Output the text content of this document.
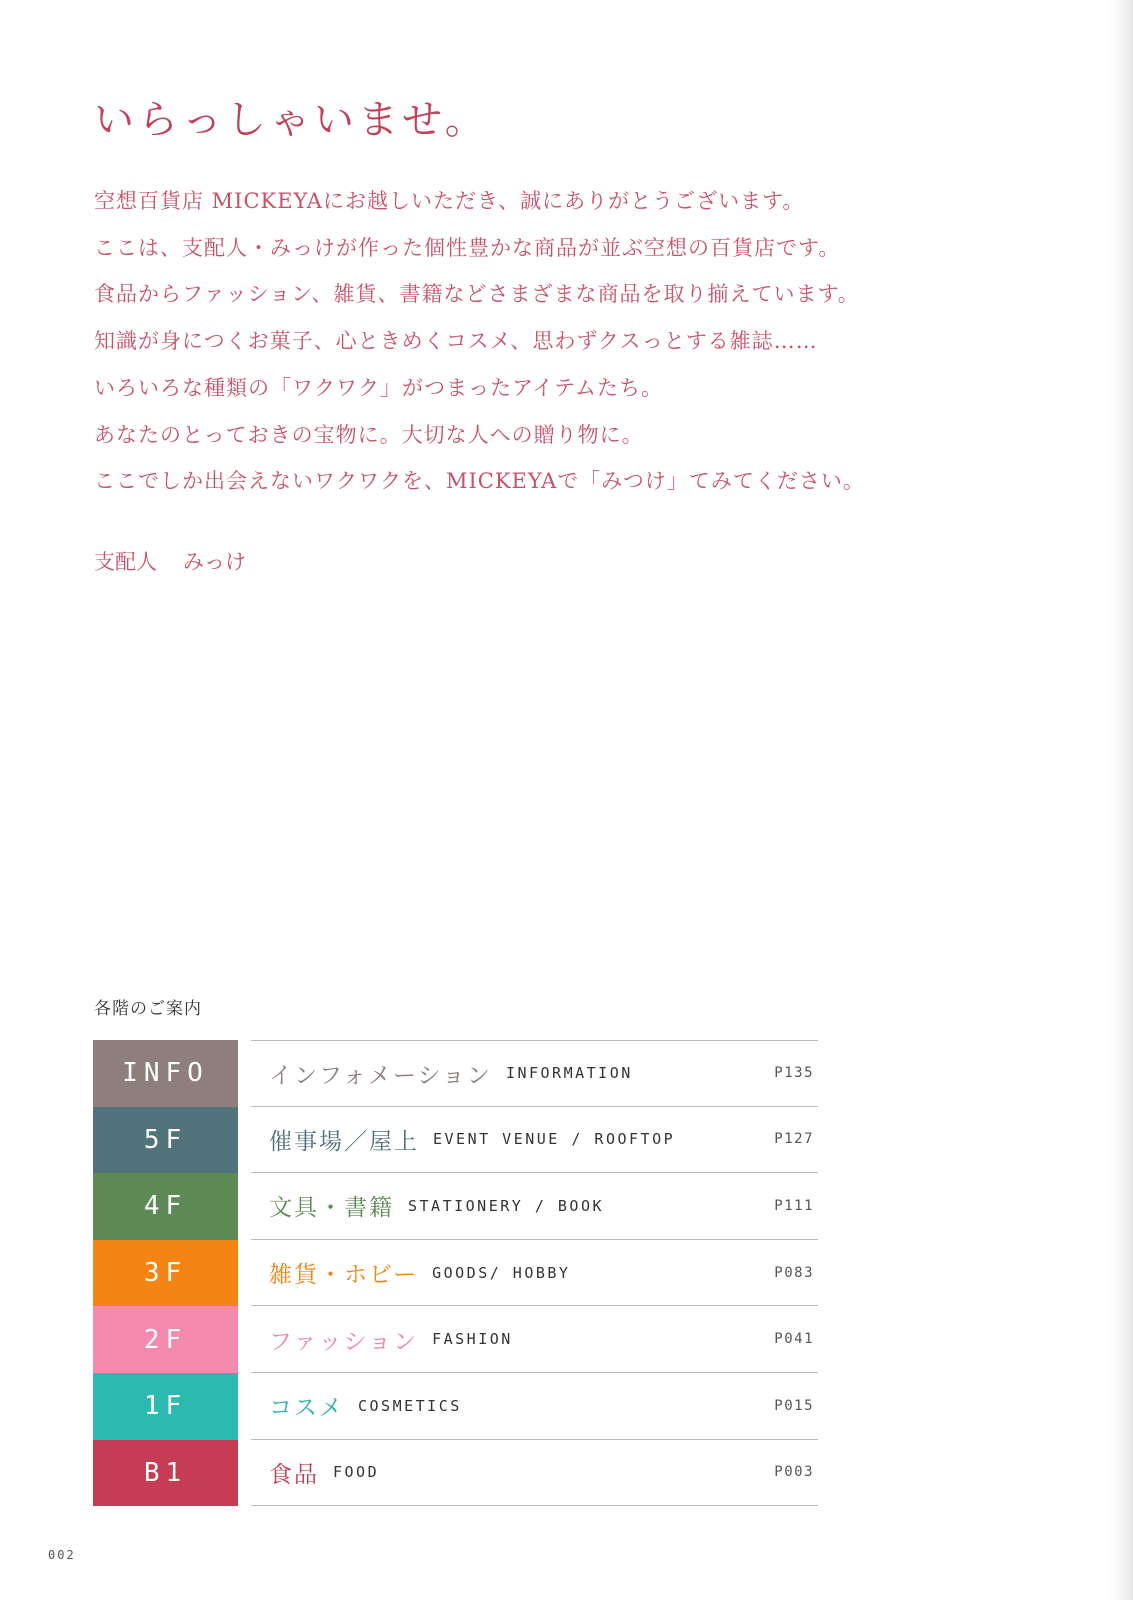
いらっしゃいませ。
空想百貨店 MICKEYAにお越しいただき、誠にありがとうございます。
ここは、支配人・みっけが作った個性豊かな商品が並ぶ空想の百貨店です。
食品からファッション、雑貨、書籍などさまざまな商品を取り揃えています。
知識が身につくお菓子、心ときめくコスメ、思わずクスっとする雑誌……
いろいろな種類の「ワクワク」がつまったアイテムたち。
あなたのとっておきの宝物に。大切な人への贈り物に。
ここでしか出会えないワクワクを、MICKEYAで「みつけ」てみてください。
支配人 みっけ
各階のご案内
INFO	インフォメーション INFORMATION	P135
5F	催事場／屋上 EVENT VENUE / ROOFTOP	P127
4F	文具・書籍 STATIONERY / BOOK	P111
3F	雑貨・ホビー GOODS/ HOBBY	P083
2F	ファッション FASHION	P041
1F	コスメ COSMETICS	P015
B1	食品 FOOD	P003
002
